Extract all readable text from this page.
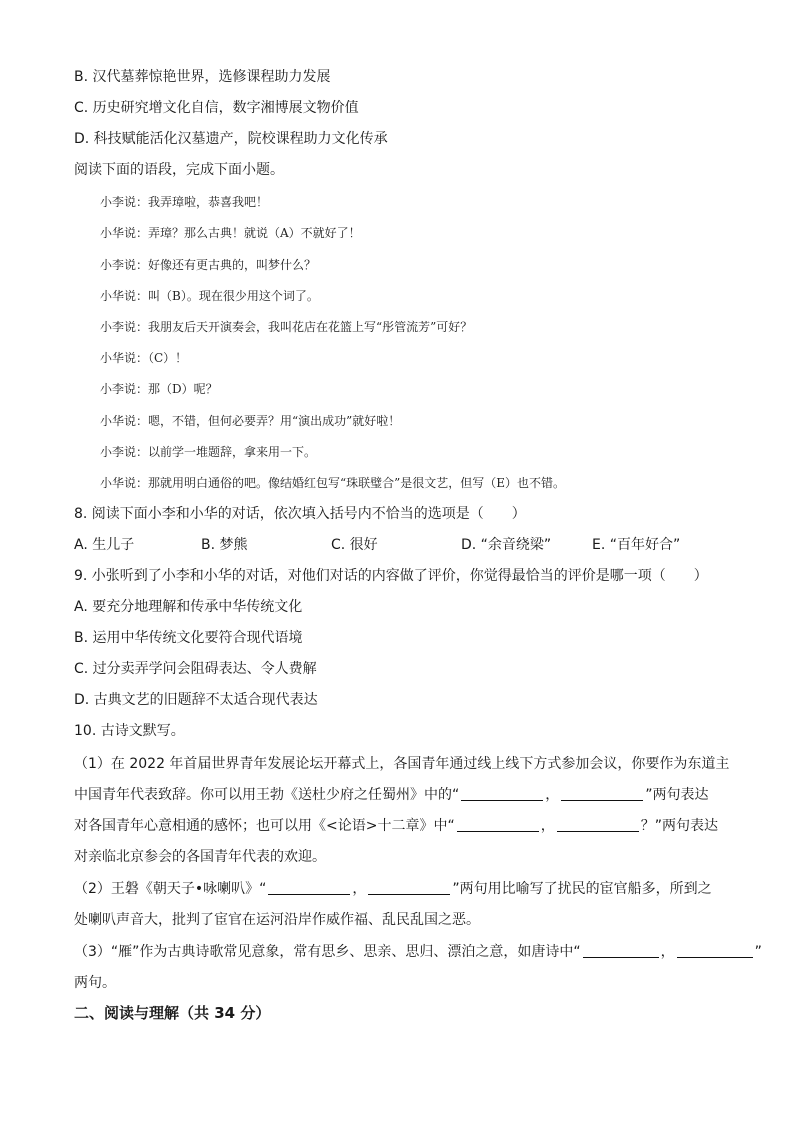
B. 汉代墓葬惊艳世界，选修课程助力发展
C. 历史研究增文化自信，数字湘博展文物价值
D. 科技赋能活化汉墓遗产，院校课程助力文化传承
阅读下面的语段，完成下面小题。
小李说：我弄璋啦，恭喜我吧！
小华说：弄璋？那么古典！就说（A）不就好了！
小李说：好像还有更古典的，叫梦什么？
小华说：叫（B）。现在很少用这个词了。
小李说：我朋友后天开演奏会，我叫花店在花篮上写“彤管流芳”可好？
小华说：（C）！
小李说：那（D）呢？
小华说：嗯，不错，但何必要弄？用“演出成功”就好啦！
小李说：以前学一堆题辞，拿来用一下。
小华说：那就用明白通俗的吧。像结婚红包写“珠联璧合”是很文艺，但写（E）也不错。
8. 阅读下面小李和小华的对话，依次填入括号内不恰当的选项是（　　）
A. 生儿子	B. 梦熊	C. 很好	D. “余音绕梁”	E. “百年好合”
9. 小张听到了小李和小华的对话，对他们对话的内容做了评价，你觉得最恰当的评价是哪一项（　　）
A. 要充分地理解和传承中华传统文化
B. 运用中华传统文化要符合现代语境
C. 过分卖弄学问会阻碍表达、令人费解
D. 古典文艺的旧题辞不太适合现代表达
10. 古诗文默写。
（1）在 2022 年首届世界青年发展论坛开幕式上，各国青年通过线上线下方式参加会议，你要作为东道主
中国青年代表致辞。你可以用王勃《送杜少府之任蜀州》中的“	，	”两句表达
对各国青年心意相通的感怀；也可以用《<论语>十二章》中“	，	？”两句表达
对亲临北京参会的各国青年代表的欢迎。
（2）王磐《朝天子•咏喇叭》“	，	”两句用比喻写了扰民的宦官船多，所到之
处喇叭声音大，批判了宦官在运河沿岸作威作福、乱民乱国之恶。
（3）“雁”作为古典诗歌常见意象，常有思乡、思亲、思归、漂泊之意，如唐诗中“	，	”
两句。
二、阅读与理解（共 34 分）
